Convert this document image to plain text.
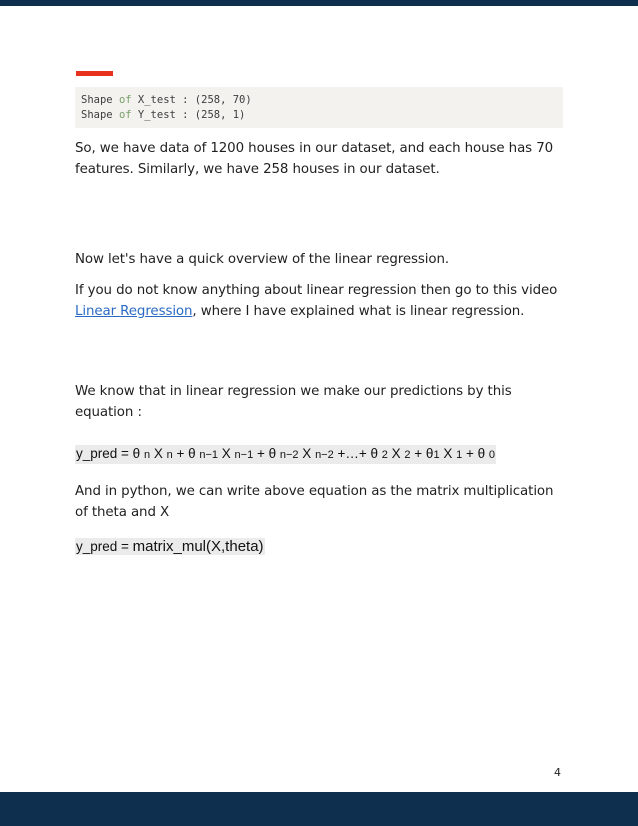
Shape of X_test : (258, 70)
Shape of Y_test : (258, 1)

So, we have data of 1200 houses in our dataset, and each house has 70 features. Similarly, we have 258 houses in our dataset.

Now let's have a quick overview of the linear regression.

If you do not know anything about linear regression then go to this video Linear Regression, where I have explained what is linear regression.

We know that in linear regression we make our predictions by this equation :

y_pred = θ n X n + θ n−1 X n−1 + θ n−2 X n−2 +…+ θ 2 X 2 + θ1 X 1 + θ 0

And in python, we can write above equation as the matrix multiplication of theta and X

y_pred = matrix_mul(X,theta)
4
